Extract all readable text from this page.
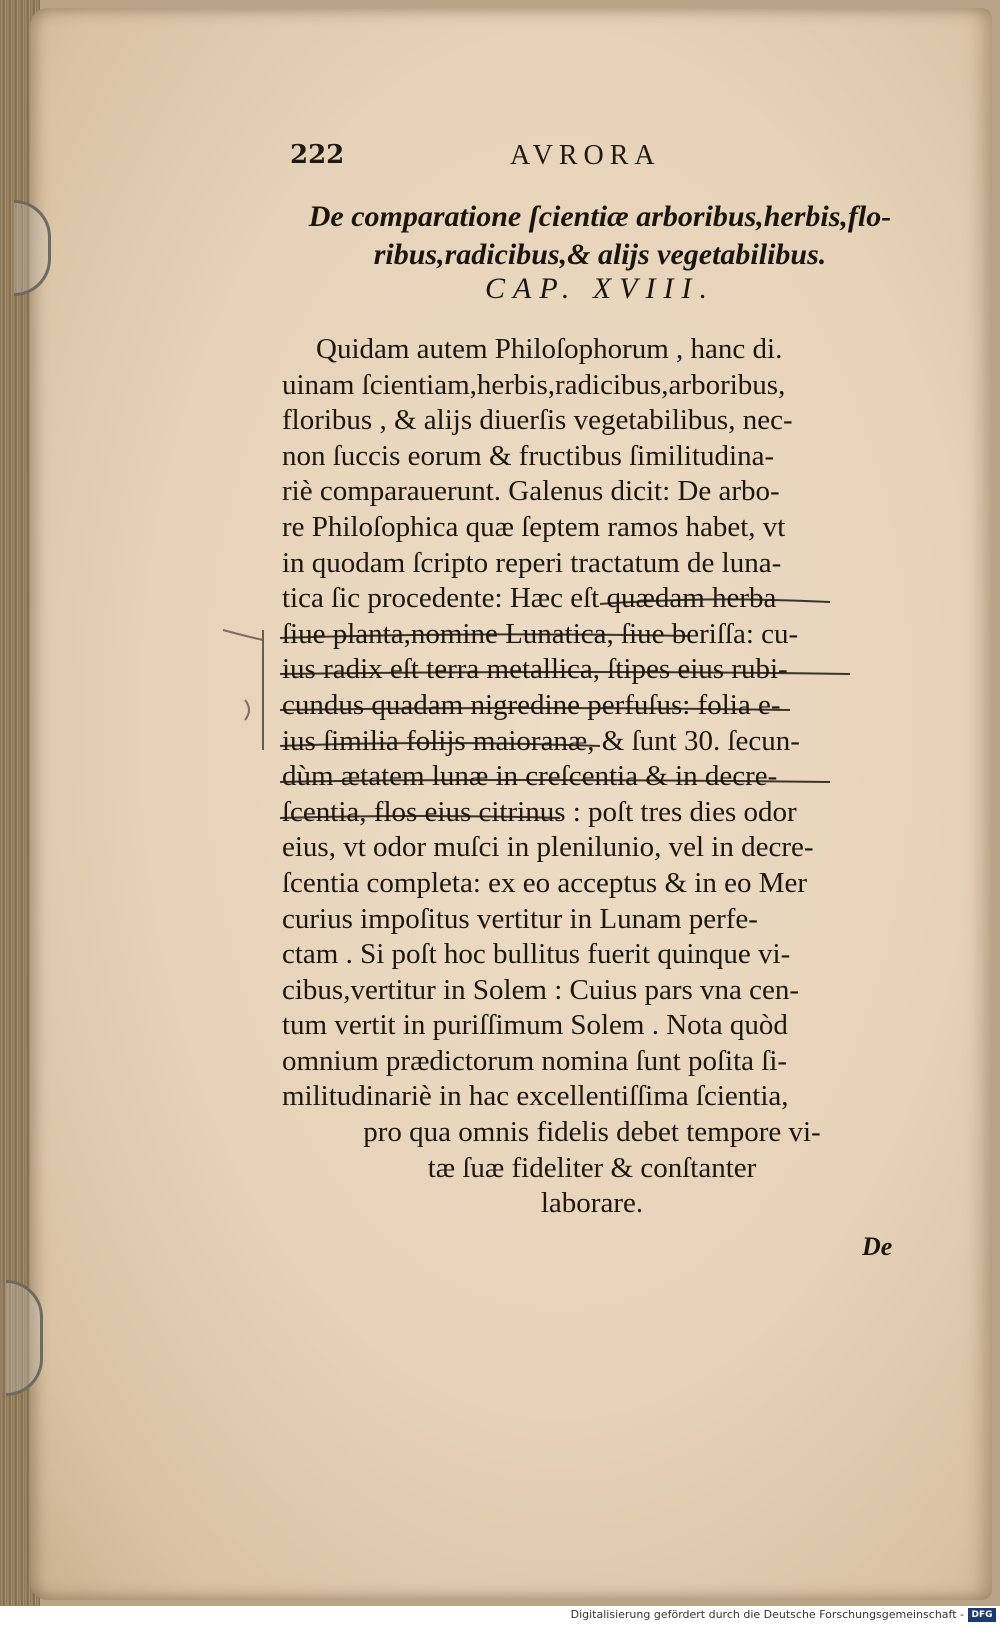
222	AVRORA
De comparatione ſcientiæ arboribus,herbis,flo-
ribus,radicibus,& alijs vegetabilibus.
CAP. XVIII.
Quidam autem Philoſophorum , hanc di.
uinam ſcientiam,herbis,radicibus,arboribus,
floribus , & alijs diuerſis vegetabilibus, nec-
non ſuccis eorum & fructibus ſimilitudina-
riè comparauerunt. Galenus dicit: De arbo-
re Philoſophica quæ ſeptem ramos habet, vt
in quodam ſcripto reperi tractatum de luna-
tica ſic procedente: Hæc eſt quædam herba
ſiue planta,nomine Lunatica, ſiue beriſſa: cu-
ius radix eſt terra metallica, ſtipes eius rubi-
cundus quadam nigredine perfuſus: folia e-
ius ſimilia folijs maioranæ, & ſunt 30. ſecun-
dùm ætatem lunæ in creſcentia & in decre-
ſcentia, flos eius citrinus : poſt tres dies odor
eius, vt odor muſci in plenilunio, vel in decre-
ſcentia completa: ex eo acceptus & in eo Mer
curius impoſitus vertitur in Lunam perfe-
ctam . Si poſt hoc bullitus fuerit quinque vi-
cibus,vertitur in Solem : Cuius pars vna cen-
tum vertit in puriſſimum Solem . Nota quòd
omnium prædictorum nomina ſunt poſita ſi-
militudinariè in hac excellentiſſima ſcientia,
pro qua omnis fidelis debet tempore vi-
tæ ſuæ fideliter & conſtanter
laborare.
De
Digitalisierung gefördert durch die Deutsche Forschungsgemeinschaft - DFG
